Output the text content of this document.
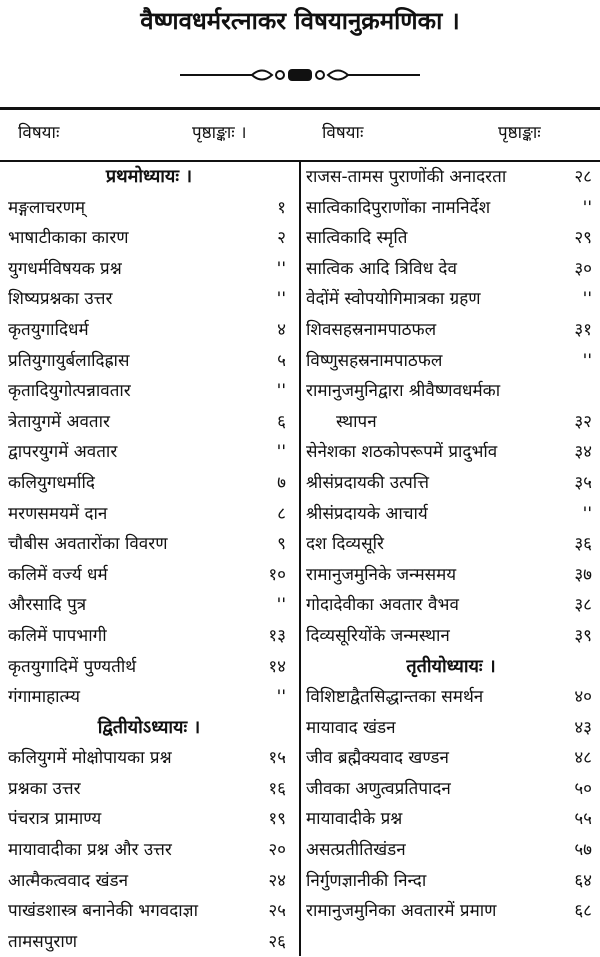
वैष्णवधर्मरत्नाकर विषयानुक्रमणिका ।
विषयाः	पृष्ठाङ्काः ।	विषयाः	पृष्ठाङ्काः
प्रथमोध्यायः ।
मङ्गलाचरणम्	१
भाषाटीकाका कारण	२
युगधर्मविषयक प्रश्न	''
शिष्यप्रश्नका उत्तर	''
कृतयुगादिधर्म	४
प्रतियुगायुर्बलादिह्रास	५
कृतादियुगोत्पन्नावतार	''
त्रेतायुगमें अवतार	६
द्वापरयुगमें अवतार	''
कलियुगधर्मादि	७
मरणसमयमें दान	८
चौबीस अवतारोंका विवरण	९
कलिमें वर्ज्य धर्म	१०
औरसादि पुत्र	''
कलिमें पापभागी	१३
कृतयुगादिमें पुण्यतीर्थ	१४
गंगामाहात्म्य	''
द्वितीयोऽध्यायः ।
कलियुगमें मोक्षोपायका प्रश्न	१५
प्रश्नका उत्तर	१६
पंचरात्र प्रामाण्य	१९
मायावादीका प्रश्न और उत्तर	२०
आत्मैकत्ववाद खंडन	२४
पाखंडशास्त्र बनानेकी भगवदाज्ञा	२५
तामसपुराण	२६
राजस-तामस पुराणोंकी अनादरता	२८
सात्विकादिपुराणोंका नामनिर्देश	''
सात्विकादि स्मृति	२९
सात्विक आदि त्रिविध देव	३०
वेदोंमें स्वोपयोगिमात्रका ग्रहण	''
शिवसहस्रनामपाठफल	३१
विष्णुसहस्रनामपाठफल	''
रामानुजमुनिद्वारा श्रीवैष्णवधर्मका
स्थापन	३२
सेनेशका शठकोपरूपमें प्रादुर्भाव	३४
श्रीसंप्रदायकी उत्पत्ति	३५
श्रीसंप्रदायके आचार्य	''
दश दिव्यसूरि	३६
रामानुजमुनिके जन्मसमय	३७
गोदादेवीका अवतार वैभव	३८
दिव्यसूरियोंके जन्मस्थान	३९
तृतीयोध्यायः ।
विशिष्टाद्वैतसिद्धान्तका समर्थन	४०
मायावाद खंडन	४३
जीव ब्रह्मैक्यवाद खण्डन	४८
जीवका अणुत्वप्रतिपादन	५०
मायावादीके प्रश्न	५५
असत्प्रतीतिखंडन	५७
निर्गुणज्ञानीकी निन्दा	६४
रामानुजमुनिका अवतारमें प्रमाण	६८
